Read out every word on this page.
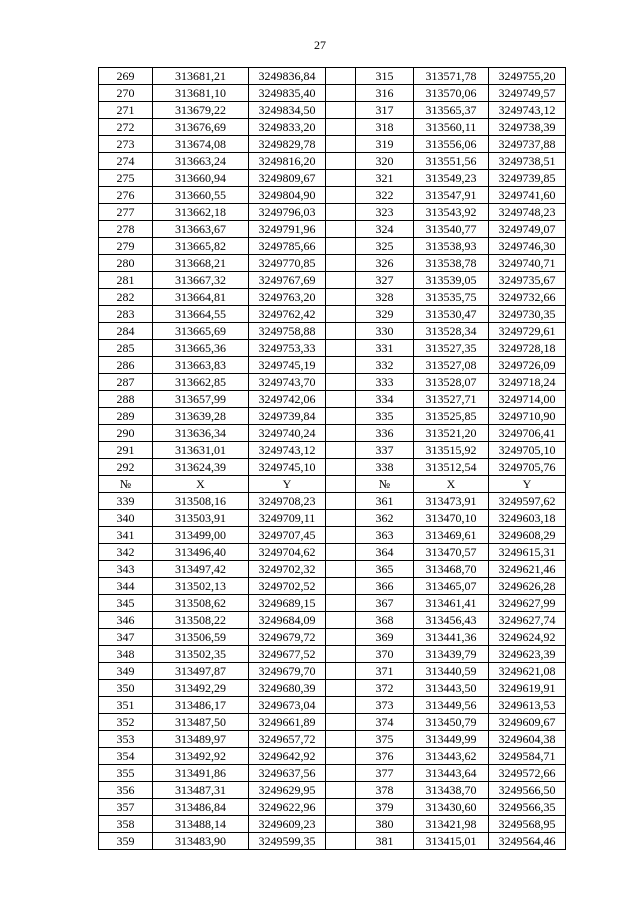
27
269	313681,21	3249836,84		315	313571,78	3249755,20
270	313681,10	3249835,40		316	313570,06	3249749,57
271	313679,22	3249834,50		317	313565,37	3249743,12
272	313676,69	3249833,20		318	313560,11	3249738,39
273	313674,08	3249829,78		319	313556,06	3249737,88
274	313663,24	3249816,20		320	313551,56	3249738,51
275	313660,94	3249809,67		321	313549,23	3249739,85
276	313660,55	3249804,90		322	313547,91	3249741,60
277	313662,18	3249796,03		323	313543,92	3249748,23
278	313663,67	3249791,96		324	313540,77	3249749,07
279	313665,82	3249785,66		325	313538,93	3249746,30
280	313668,21	3249770,85		326	313538,78	3249740,71
281	313667,32	3249767,69		327	313539,05	3249735,67
282	313664,81	3249763,20		328	313535,75	3249732,66
283	313664,55	3249762,42		329	313530,47	3249730,35
284	313665,69	3249758,88		330	313528,34	3249729,61
285	313665,36	3249753,33		331	313527,35	3249728,18
286	313663,83	3249745,19		332	313527,08	3249726,09
287	313662,85	3249743,70		333	313528,07	3249718,24
288	313657,99	3249742,06		334	313527,71	3249714,00
289	313639,28	3249739,84		335	313525,85	3249710,90
290	313636,34	3249740,24		336	313521,20	3249706,41
291	313631,01	3249743,12		337	313515,92	3249705,10
292	313624,39	3249745,10		338	313512,54	3249705,76
№	X	Y		№	X	Y
339	313508,16	3249708,23		361	313473,91	3249597,62
340	313503,91	3249709,11		362	313470,10	3249603,18
341	313499,00	3249707,45		363	313469,61	3249608,29
342	313496,40	3249704,62		364	313470,57	3249615,31
343	313497,42	3249702,32		365	313468,70	3249621,46
344	313502,13	3249702,52		366	313465,07	3249626,28
345	313508,62	3249689,15		367	313461,41	3249627,99
346	313508,22	3249684,09		368	313456,43	3249627,74
347	313506,59	3249679,72		369	313441,36	3249624,92
348	313502,35	3249677,52		370	313439,79	3249623,39
349	313497,87	3249679,70		371	313440,59	3249621,08
350	313492,29	3249680,39		372	313443,50	3249619,91
351	313486,17	3249673,04		373	313449,56	3249613,53
352	313487,50	3249661,89		374	313450,79	3249609,67
353	313489,97	3249657,72		375	313449,99	3249604,38
354	313492,92	3249642,92		376	313443,62	3249584,71
355	313491,86	3249637,56		377	313443,64	3249572,66
356	313487,31	3249629,95		378	313438,70	3249566,50
357	313486,84	3249622,96		379	313430,60	3249566,35
358	313488,14	3249609,23		380	313421,98	3249568,95
359	313483,90	3249599,35		381	313415,01	3249564,46
